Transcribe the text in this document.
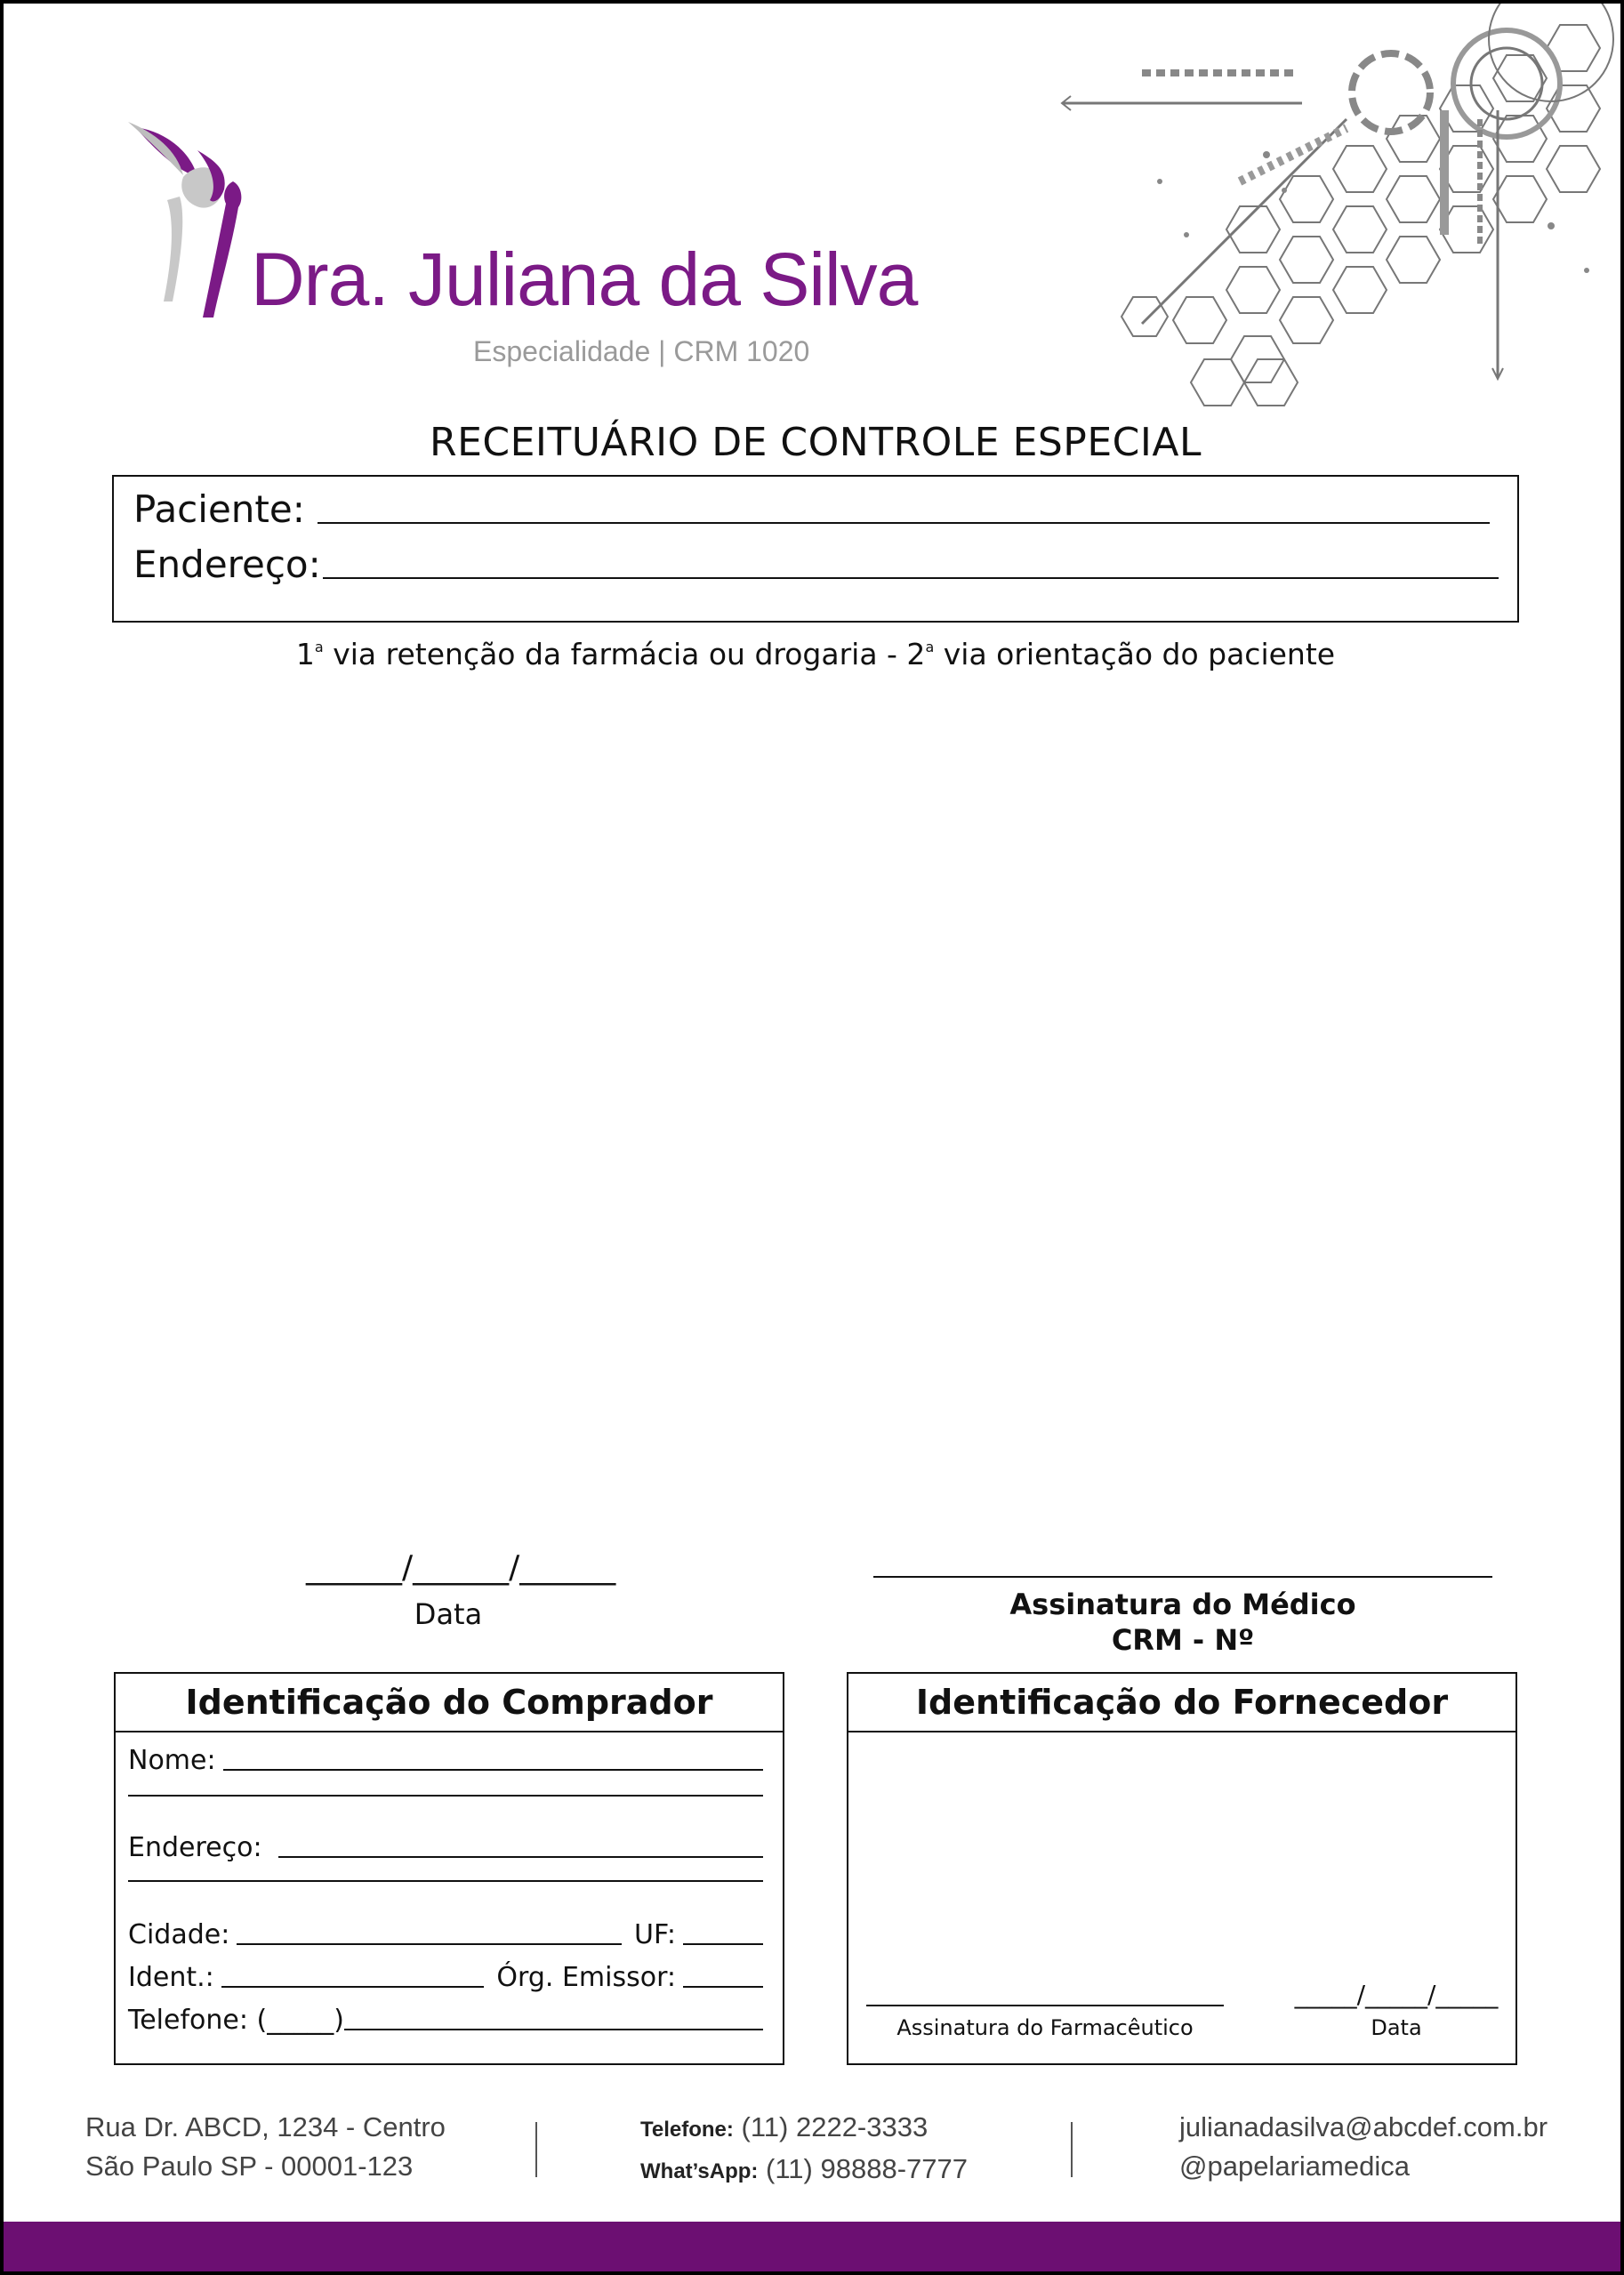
Dra. Juliana da Silva
Especialidade | CRM 1020
RECEITUÁRIO DE CONTROLE ESPECIAL
Paciente:
Endereço:
1$^a$ via retenção da farmácia ou drogaria - 2$^a$ via orientação do paciente
______/______/______
Data	Assinatura do Médico
CRM - Nº
Identificação do Comprador
Nome:
Endereço:
Cidade:	UF:
Ident.:	Órg. Emissor:
Telefone: (_____)
Identificação do Fornecedor
Assinatura do Farmacêutico
_____/_____/_____
Data
Rua Dr. ABCD, 1234 - Centro
São Paulo SP - 00001-123
Telefone: (11) 2222-3333
What’sApp: (11) 98888-7777
julianadasilva@abcdef.com.br
@papelariamedica
